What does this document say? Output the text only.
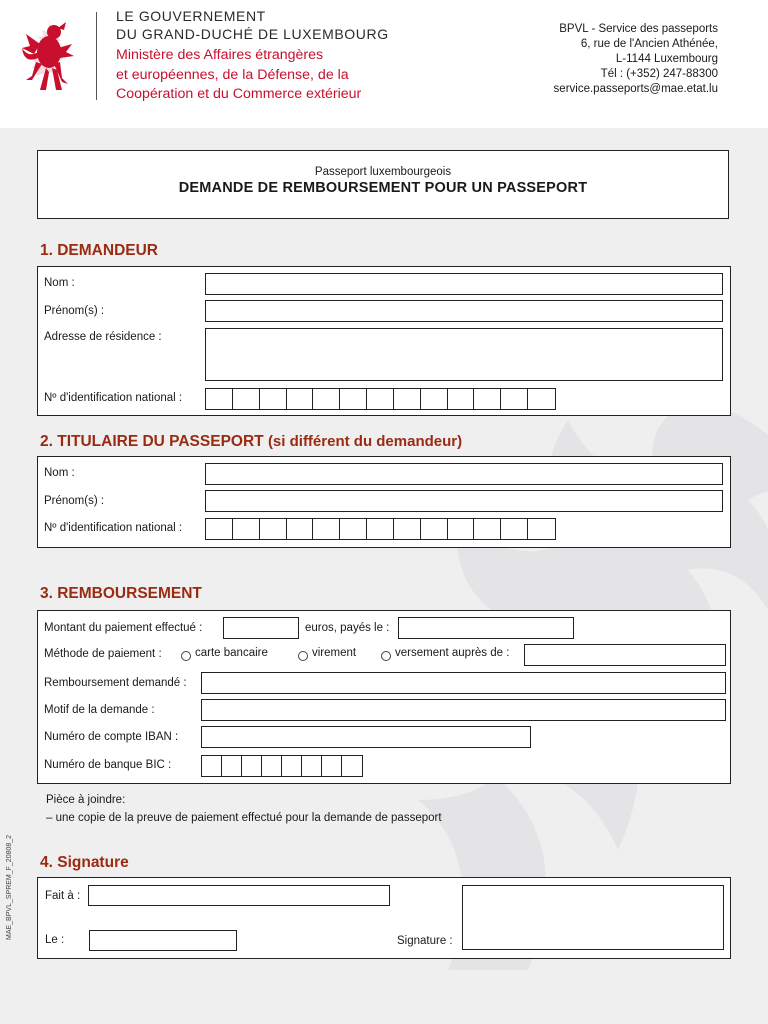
LE GOUVERNEMENT
DU GRAND-DUCHÉ DE LUXEMBOURG
Ministère des Affaires étrangères
et européennes, de la Défense, de la
Coopération et du Commerce extérieur
BPVL - Service des passeports
6, rue de l'Ancien Athénée,
L-1144 Luxembourg
Tél : (+352) 247-88300
service.passeports@mae.etat.lu
Passeport luxembourgeois
DEMANDE DE REMBOURSEMENT POUR UN PASSEPORT
1. DEMANDEUR
Nom :
Prénom(s) :
Adresse de résidence :
Nº d'identification national :
2. TITULAIRE DU PASSEPORT (si différent du demandeur)
Nom :
Prénom(s) :
Nº d'identification national :
3. REMBOURSEMENT
Montant du paiement effectué :	euros, payés le :
Méthode de paiement :	carte bancaire	virement	versement auprès de :
Remboursement demandé :
Motif de la demande :
Numéro de compte IBAN :
Numéro de banque BIC :
Pièce à joindre:
– une copie de la preuve de paiement effectué pour la demande de passeport
4. Signature
Fait à :
Le :	Signature :
MAE_BPVL_SPREM_F_20808_2
